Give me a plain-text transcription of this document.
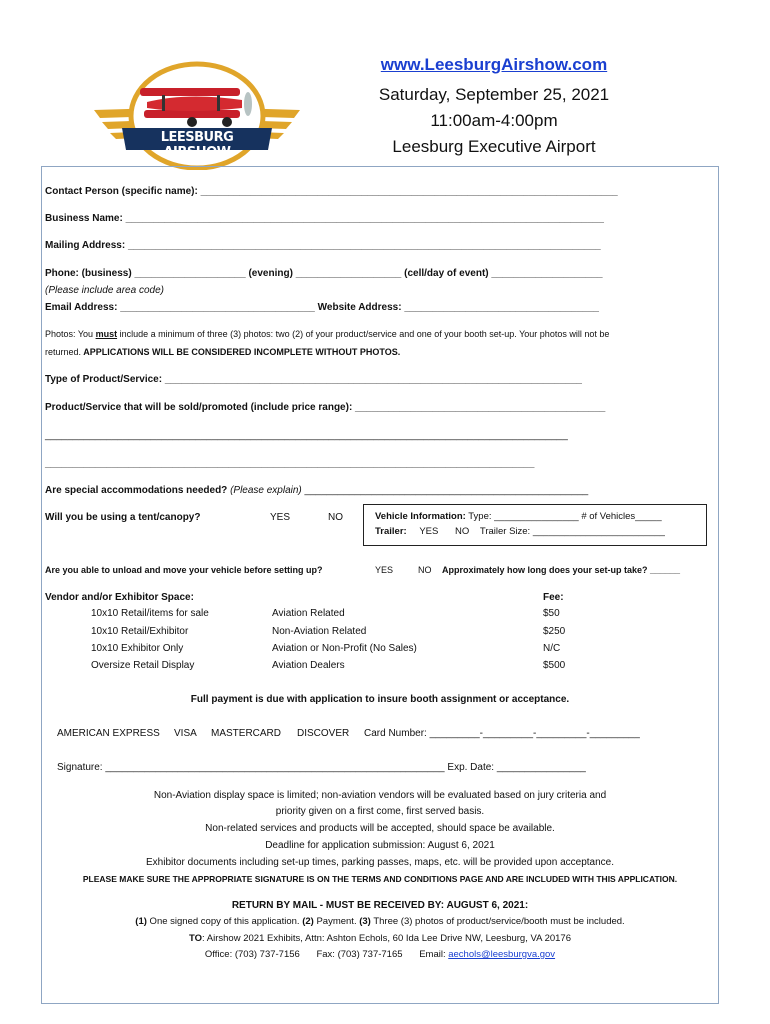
LEESBURG AIRSHOW
www.LeesburgAirshow.com
Saturday, September 25, 2021
11:00am-4:00pm
Leesburg Executive Airport
Contact Person (specific name): ___________________________________________________________________________
Business Name: ______________________________________________________________________________________
Mailing Address: _____________________________________________________________________________________
Phone: (business) ____________________ (evening) ___________________ (cell/day of event) ____________________
(Please include area code)
Email Address: ___________________________________ Website Address: ___________________________________
Photos: You must include a minimum of three (3) photos: two (2) of your product/service and one of your booth set-up. Your photos will not be
returned. APPLICATIONS WILL BE CONSIDERED INCOMPLETE WITHOUT PHOTOS.
Type of Product/Service: ___________________________________________________________________________
Product/Service that will be sold/promoted (include price range): _____________________________________________
______________________________________________________________________________________________
________________________________________________________________________________________
Are special accommodations needed? (Please explain) ___________________________________________________
Will you be using a tent/canopy?	YES	NO	Vehicle Information: Type: ________________ # of Vehicles_____
Trailer: YES NO Trailer Size: _________________________
Are you able to unload and move your vehicle before setting up?	YES	NO Approximately how long does your set-up take? ______
Vendor and/or Exhibitor Space:	Fee:
10x10 Retail/items for sale	Aviation Related	$50
10x10 Retail/Exhibitor	Non-Aviation Related	$250
10x10 Exhibitor Only	Aviation or Non-Profit (No Sales)	N/C
Oversize Retail Display	Aviation Dealers	$500
Full payment is due with application to insure booth assignment or acceptance.
AMERICAN EXPRESS VISA MASTERCARD DISCOVER Card Number: _________-_________-_________-_________
Signature: _____________________________________________________________ Exp. Date: ________________
Non-Aviation display space is limited; non-aviation vendors will be evaluated based on jury criteria and
priority given on a first come, first served basis.
Non-related services and products will be accepted, should space be available.
Deadline for application submission: August 6, 2021
Exhibitor documents including set-up times, parking passes, maps, etc. will be provided upon acceptance.
PLEASE MAKE SURE THE APPROPRIATE SIGNATURE IS ON THE TERMS AND CONDITIONS PAGE AND ARE INCLUDED WITH THIS APPLICATION.
RETURN BY MAIL - MUST BE RECEIVED BY: AUGUST 6, 2021:
(1) One signed copy of this application. (2) Payment. (3) Three (3) photos of product/service/booth must be included.
TO: Airshow 2021 Exhibits, Attn: Ashton Echols, 60 Ida Lee Drive NW, Leesburg, VA 20176
Office: (703) 737-7156 Fax: (703) 737-7165 Email: aechols@leesburgva.gov
